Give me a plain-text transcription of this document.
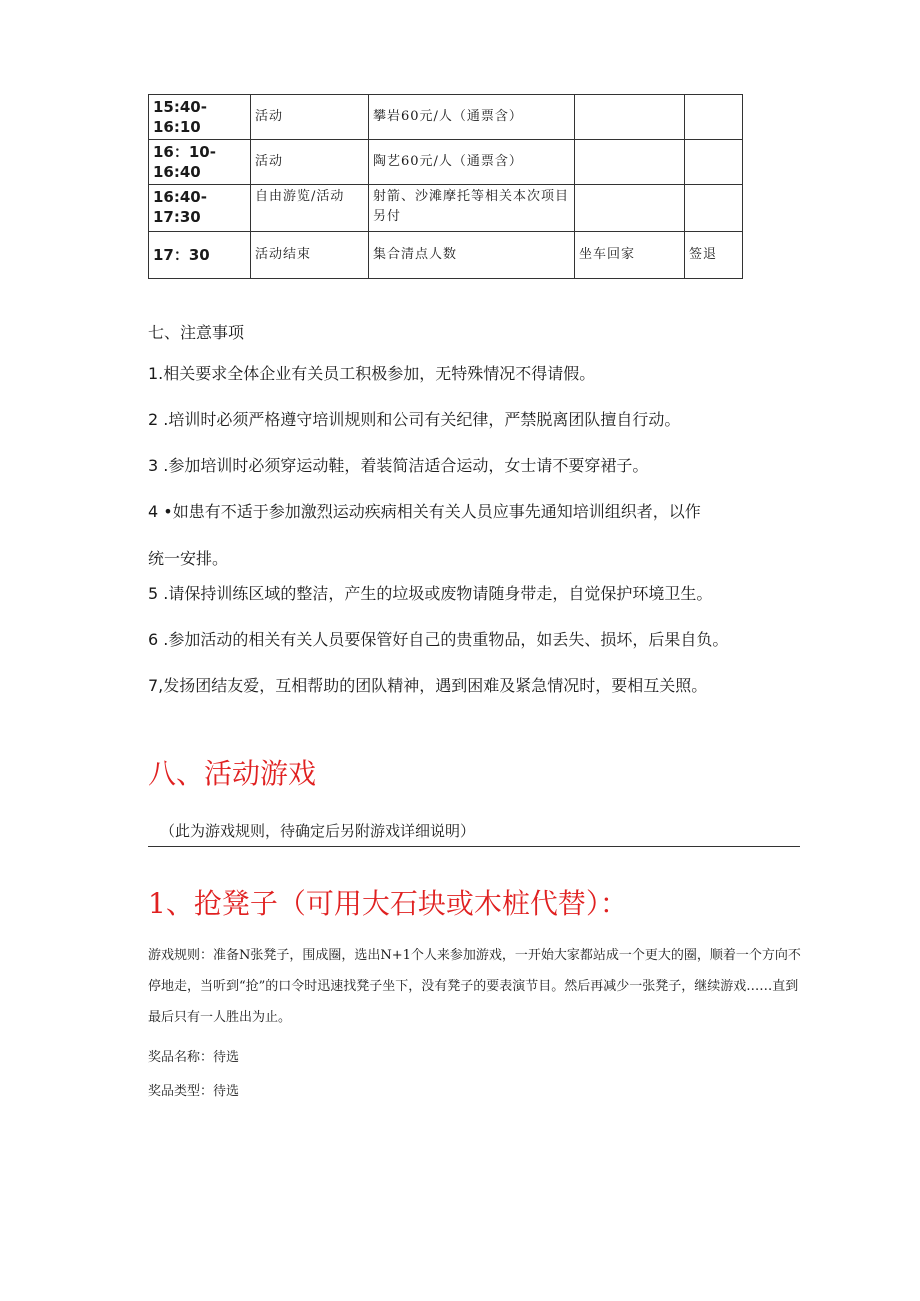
15:40-16:10	活动	攀岩60元/人（通票含）		
16：10-16:40	活动	陶艺60元/人（通票含）		
16:40-17:30	自由游览/活动	射箭、沙滩摩托等相关本次项目另付		
17：30	活动结束	集合清点人数	坐车回家	签退
七、注意事项
1.相关要求全体企业有关员工积极参加，无特殊情况不得请假。
2 .培训时必须严格遵守培训规则和公司有关纪律，严禁脱离团队擅自行动。
3 .参加培训时必须穿运动鞋，着装简洁适合运动，女士请不要穿裙子。
4 •如患有不适于参加激烈运动疾病相关有关人员应事先通知培训组织者，以作
统一安排。
5 .请保持训练区域的整洁，产生的垃圾或废物请随身带走，自觉保护环境卫生。
6 .参加活动的相关有关人员要保管好自己的贵重物品，如丢失、损坏，后果自负。
7,发扬团结友爱，互相帮助的团队精神，遇到困难及紧急情况时，要相互关照。
八、活动游戏
（此为游戏规则，待确定后另附游戏详细说明）
1、抢凳子（可用大石块或木桩代替）：

游戏规则：准备N张凳子，围成圈，选出N+1个人来参加游戏，一开始大家都站成一个更大的圈，顺着一个方向不停地走，当听到“抢”的口令时迅速找凳子坐下，没有凳子的要表演节目。然后再减少一张凳子，继续游戏……直到最后只有一人胜出为止。

奖品名称：待选
奖品类型：待选
